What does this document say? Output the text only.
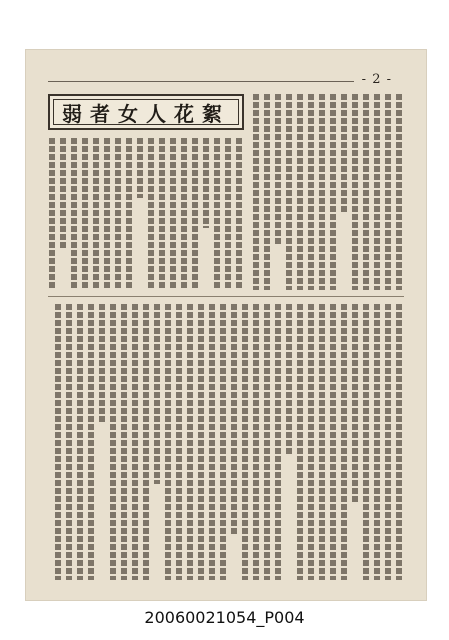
- 2 -
弱者女人花絮
20060021054_P004
